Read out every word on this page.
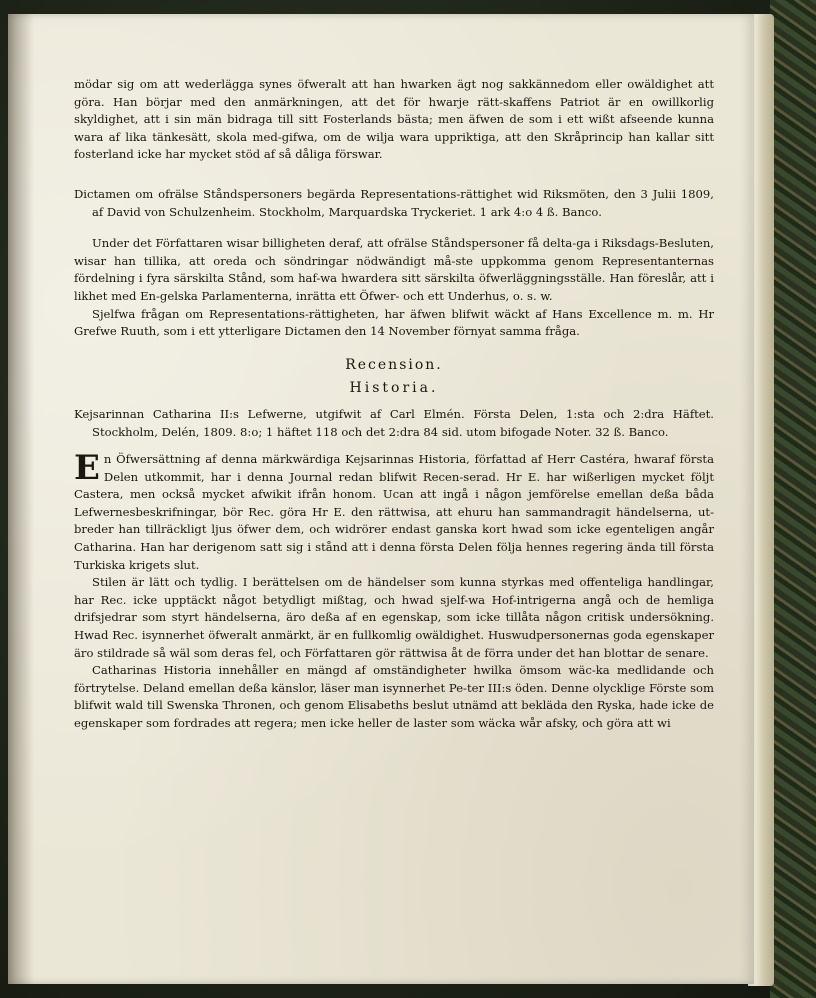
mödar sig om att wederlägga synes öfweralt att han hwarken ägt nog sakkännedom eller owäldighet att göra. Han börjar med den anmärkningen, att det för hwarje rätt-skaffens Patriot är en owillkorlig skyldighet, att i sin män bidraga till sitt Fosterlands bästa; men äfwen de som i ett wißt afseende kunna wara af lika tänkesätt, skola med-gifwa, om de wilja wara uppriktiga, att den Skråprincip han kallar sitt fosterland icke har mycket stöd af så dåliga förswar.

Dictamen om ofrälse Ståndspersoners begärda Representations-rättighet wid Riksmöten, den 3 Julii 1809, af David von Schulzenheim. Stockholm, Marquardska Tryckeriet. 1 ark 4:o 4 ß. Banco.

Under det Författaren wisar billigheten deraf, att ofrälse Ståndspersoner få delta-ga i Riksdags-Besluten, wisar han tillika, att oreda och söndringar nödwändigt må-ste uppkomma genom Representanternas fördelning i fyra särskilta Stånd, som haf-wa hwardera sitt särskilta öfwerläggningsställe. Han föreslår, att i likhet med En-gelska Parlamenterna, inrätta ett Öfwer- och ett Underhus, o. s. w.

Sjelfwa frågan om Representations-rättigheten, har äfwen blifwit wäckt af Hans Excellence m. m. Hr Grefwe Ruuth, som i ett ytterligare Dictamen den 14 November förnyat samma fråga.

Recension.

Historia.

Kejsarinnan Catharina II:s Lefwerne, utgifwit af Carl Elmén. Första Delen, 1:sta och 2:dra Häftet. Stockholm, Delén, 1809. 8:o; 1 häftet 118 och det 2:dra 84 sid. utom bifogade Noter. 32 ß. Banco.

E n Öfwersättning af denna märkwärdiga Kejsarinnas Historia, författad af Herr Castéra, hwaraf första Delen utkommit, har i denna Journal redan blifwit Recen-serad. Hr E. har wißerligen mycket följt Castera, men också mycket afwikit ifrån honom. Ucan att ingå i någon jemförelse emellan deßa båda Lefwernesbeskrifningar, bör Rec. göra Hr E. den rättwisa, att ehuru han sammandragit händelserna, ut-breder han tillräckligt ljus öfwer dem, och widrörer endast ganska kort hwad som icke egenteligen angår Catharina. Han har derigenom satt sig i stånd att i denna första Delen följa hennes regering ända till första Turkiska krigets slut.

Stilen är lätt och tydlig. I berättelsen om de händelser som kunna styrkas med offenteliga handlingar, har Rec. icke upptäckt något betydligt mißtag, och hwad sjelf-wa Hof-intrigerna angå och de hemliga drifsjedrar som styrt händelserna, äro deßa af en egenskap, som icke tillåta någon critisk undersökning. Hwad Rec. isynnerhet öfweralt anmärkt, är en fullkomlig owäldighet. Huswudpersonernas goda egenskaper äro stildrade så wäl som deras fel, och Författaren gör rättwisa åt de förra under det han blottar de senare.

Catharinas Historia innehåller en mängd af omständigheter hwilka ömsom wäc-ka medlidande och förtrytelse. Deland emellan deßa känslor, läser man isynnerhet Pe-ter III:s öden. Denne olycklige Förste som blifwit wald till Swenska Thronen, och genom Elisabeths beslut utnämd att bekläda den Ryska, hade icke de egenskaper som fordrades att regera; men icke heller de laster som wäcka wår afsky, och göra att wi
